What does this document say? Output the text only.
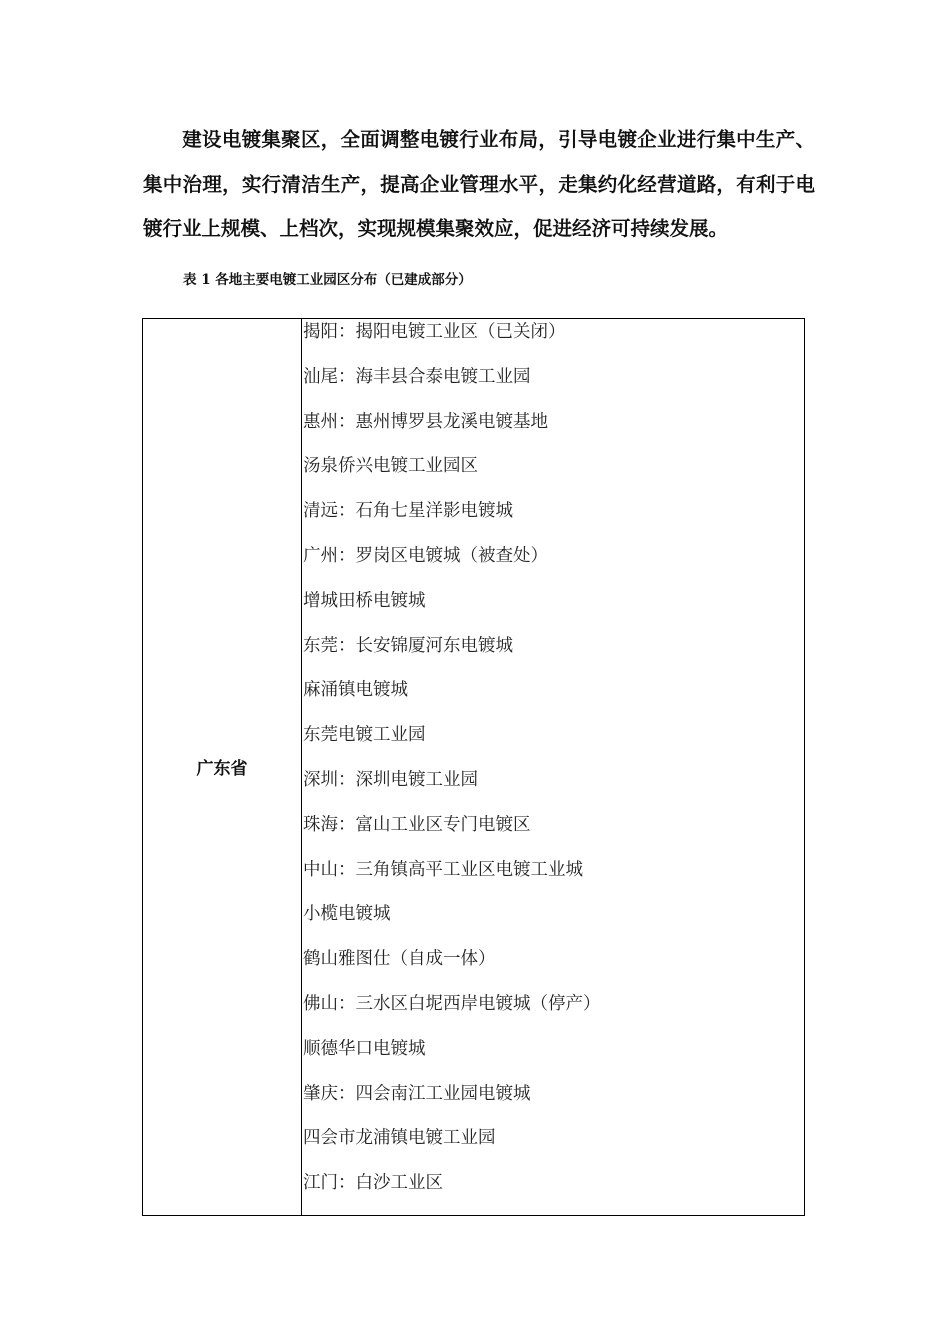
建设电镀集聚区，全面调整电镀行业布局，引导电镀企业进行集中生产、集中治理，实行清洁生产，提高企业管理水平，走集约化经营道路，有利于电镀行业上规模、上档次，实现规模集聚效应，促进经济可持续发展。

表 1 各地主要电镀工业园区分布（已建成部分）

广东省	
揭阳：揭阳电镀工业区（已关闭）
汕尾：海丰县合泰电镀工业园
惠州：惠州博罗县龙溪电镀基地
汤泉侨兴电镀工业园区
清远：石角七星洋影电镀城
广州：罗岗区电镀城（被查处）
增城田桥电镀城
东莞：长安锦厦河东电镀城
麻涌镇电镀城
东莞电镀工业园
深圳：深圳电镀工业园
珠海：富山工业区专门电镀区
中山：三角镇高平工业区电镀工业城
小榄电镀城
鹤山雅图仕（自成一体）
佛山：三水区白坭西岸电镀城（停产）
顺德华口电镀城
肇庆：四会南江工业园电镀城
四会市龙浦镇电镀工业园
江门：白沙工业区
